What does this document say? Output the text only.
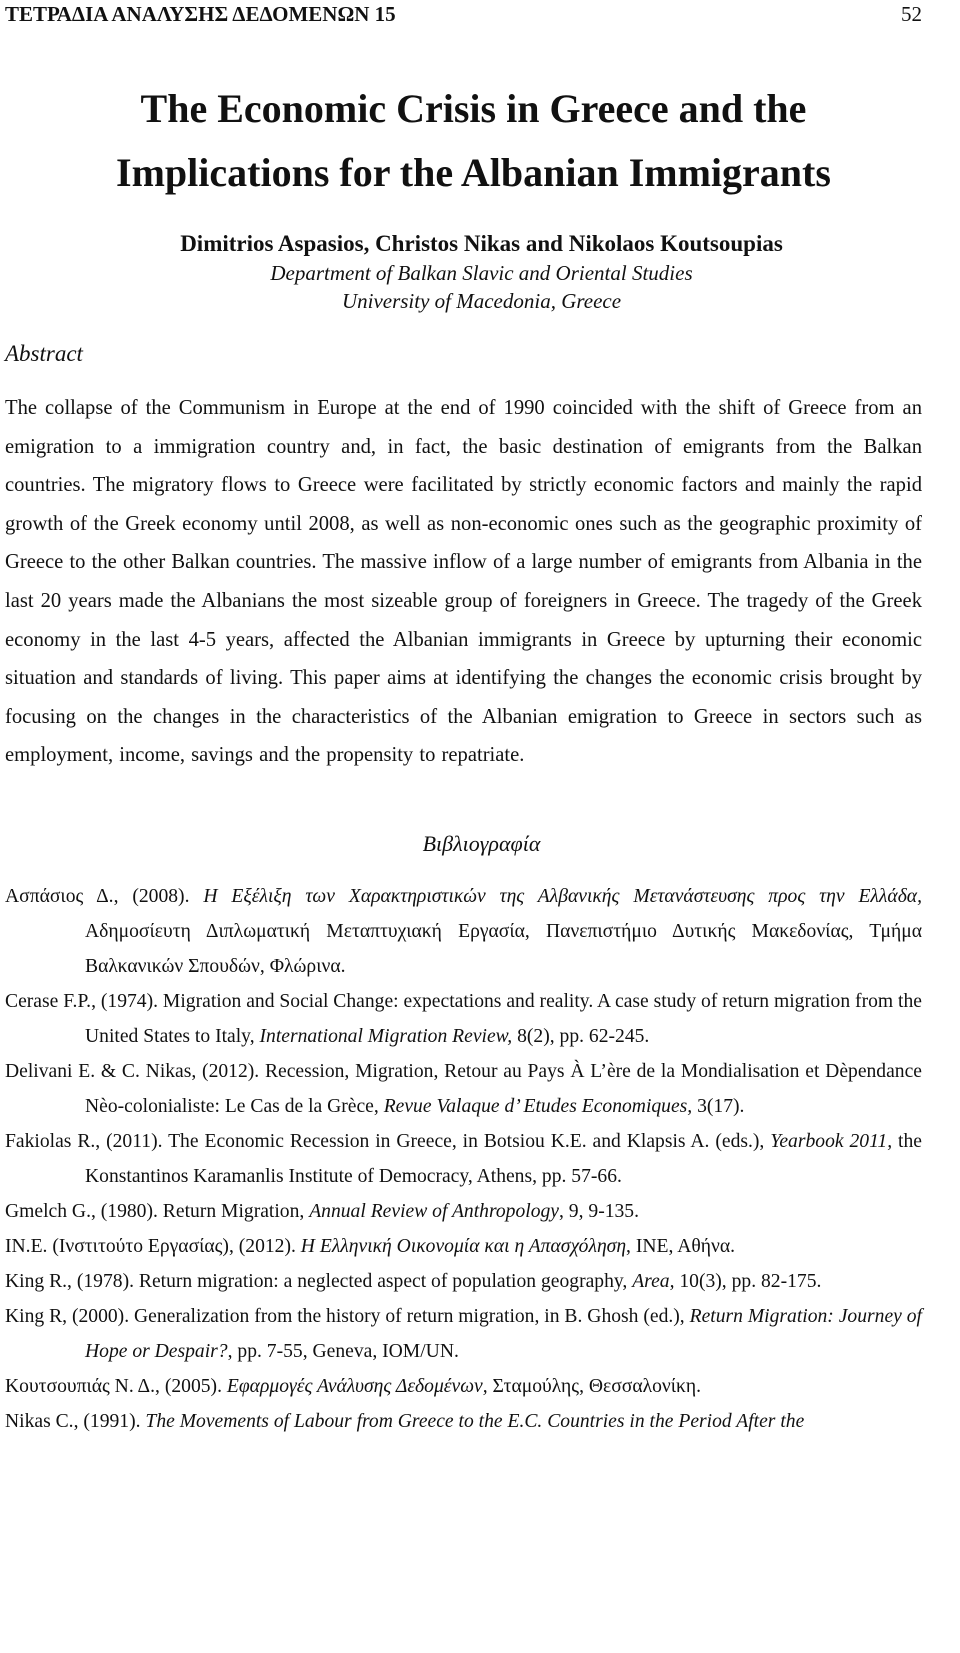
ΤΕΤΡΑΔΙΑ ΑΝΑΛΥΣΗΣ ΔΕΔΟΜΕΝΩΝ 15	52
The Economic Crisis in Greece and the
Implications for the Albanian Immigrants
Dimitrios Aspasios, Christos Nikas and Nikolaos Koutsoupias
Department of Balkan Slavic and Oriental Studies
University of Macedonia, Greece
Abstract
The collapse of the Communism in Europe at the end of 1990 coincided with the shift of Greece from an emigration to a immigration country and, in fact, the basic destination of emigrants from the Balkan countries. The migratory flows to Greece were facilitated by strictly economic factors and mainly the rapid growth of the Greek economy until 2008, as well as non-economic ones such as the geographic proximity of Greece to the other Balkan countries. The massive inflow of a large number of emigrants from Albania in the last 20 years made the Albanians the most sizeable group of foreigners in Greece. The tragedy of the Greek economy in the last 4-5 years, affected the Albanian immigrants in Greece by upturning their economic situation and standards of living. This paper aims at identifying the changes the economic crisis brought by focusing on the changes in the characteristics of the Albanian emigration to Greece in sectors such as employment, income, savings and the propensity to repatriate.
Βιβλιογραφία
Ασπάσιος Δ., (2008). Η Εξέλιξη των Χαρακτηριστικών της Αλβανικής Μετανάστευσης προς την Ελλάδα, Αδημοσίευτη Διπλωματική Μεταπτυχιακή Εργασία, Πανεπιστήμιο Δυτικής Μακεδονίας, Τμήμα Βαλκανικών Σπουδών, Φλώρινα.
Cerase F.P., (1974). Migration and Social Change: expectations and reality. A case study of return migration from the United States to Italy, International Migration Review, 8(2), pp. 62-245.
Delivani E. & C. Nikas, (2012). Recession, Migration, Retour au Pays À L’ère de la Mondialisation et Dèpendance Nèo-colonialiste: Le Cas de la Grèce, Revue Valaque d’ Etudes Economiques, 3(17).
Fakiolas R., (2011). The Economic Recession in Greece, in Botsiou K.E. and Klapsis A. (eds.), Yearbook 2011, the Konstantinos Karamanlis Institute of Democracy, Athens, pp. 57-66.
Gmelch G., (1980). Return Migration, Annual Review of Anthropology, 9, 9-135.
IN.E. (Ινστιτούτο Εργασίας), (2012). Η Ελληνική Οικονομία και η Απασχόληση, ΙΝΕ, Αθήνα.
King R., (1978). Return migration: a neglected aspect of population geography, Area, 10(3), pp. 82-175.
King R, (2000). Generalization from the history of return migration, in B. Ghosh (ed.), Return Migration: Journey of Hope or Despair?, pp. 7-55, Geneva, IOM/UN.
Κουτσουπιάς Ν. Δ., (2005). Εφαρμογές Ανάλυσης Δεδομένων, Σταμούλης, Θεσσαλονίκη.
Nikas C., (1991). The Movements of Labour from Greece to the E.C. Countries in the Period After the
